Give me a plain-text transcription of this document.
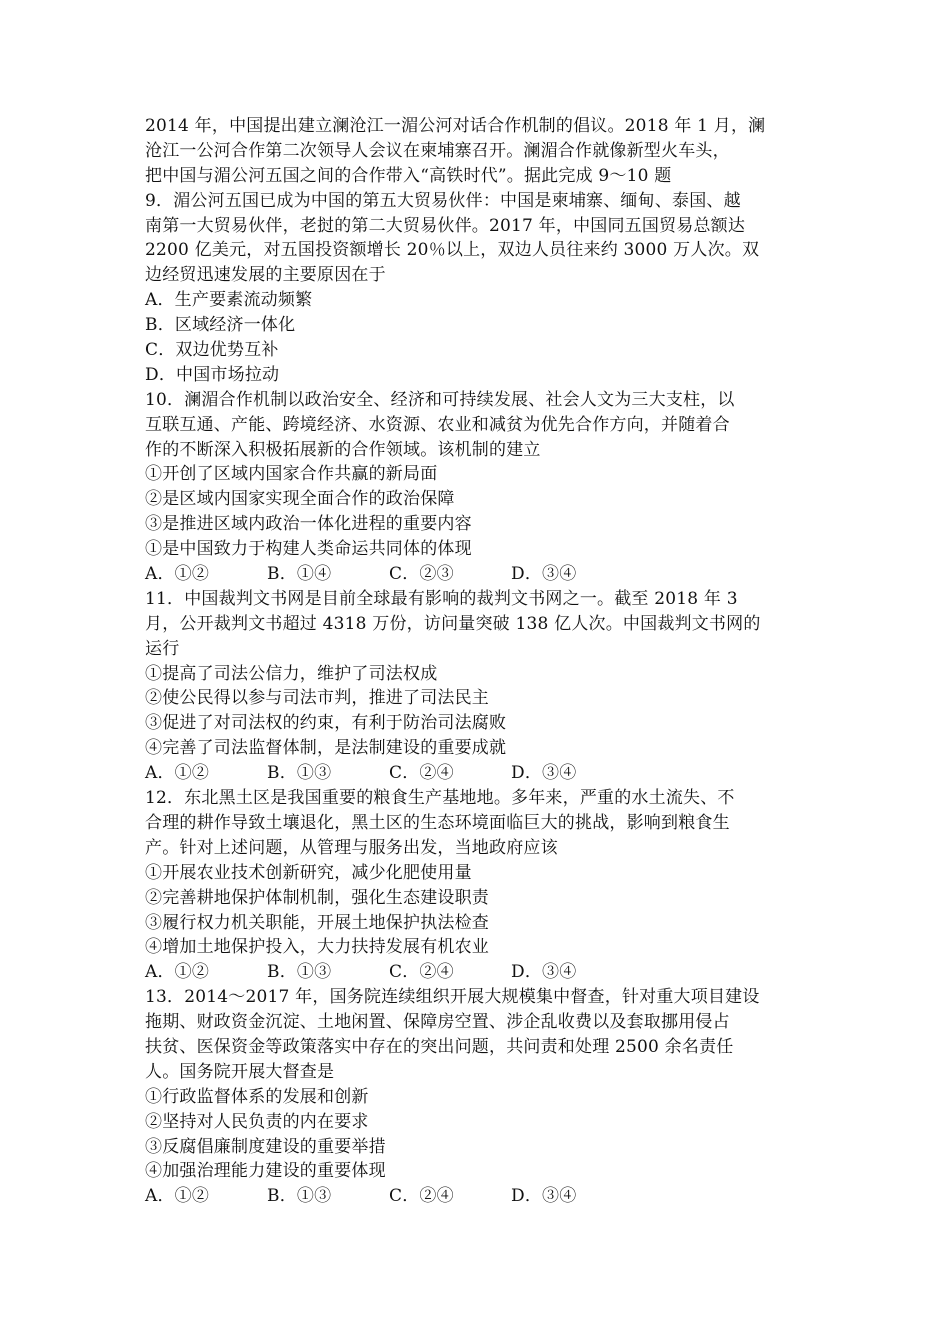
2014 年，中国提出建立澜沧江一湄公河对话合作机制的倡议。2018 年 1 月，澜
沧江一公河合作第二次领导人会议在柬埔寨召开。澜湄合作就像新型火车头，
把中国与湄公河五国之间的合作带入“高铁时代”。据此完成 9～10 题
9．湄公河五国已成为中国的第五大贸易伙伴：中国是柬埔寨、缅甸、泰国、越
南第一大贸易伙伴，老挝的第二大贸易伙伴。2017 年，中国同五国贸易总额达
2200 亿美元，对五国投资额增长 20％以上，双边人员往来约 3000 万人次。双
边经贸迅速发展的主要原因在于
A．生产要素流动频繁
B．区域经济一体化
C．双边优势互补
D．中国市场拉动
10．澜湄合作机制以政治安全、经济和可持续发展、社会人文为三大支柱，以
互联互通、产能、跨境经济、水资源、农业和减贫为优先合作方向，并随着合
作的不断深入积极拓展新的合作领域。该机制的建立
①开创了区域内国家合作共赢的新局面
②是区域内国家实现全面合作的政治保障
③是推进区域内政治一体化进程的重要内容
①是中国致力于构建人类命运共同体的体现
A．①②	B．①④	C．②③	D．③④
11．中国裁判文书网是目前全球最有影响的裁判文书网之一。截至 2018 年 3
月，公开裁判文书超过 4318 万份，访问量突破 138 亿人次。中国裁判文书网的
运行
①提高了司法公信力，维护了司法权成
②使公民得以参与司法市判，推进了司法民主
③促进了对司法权的约束，有利于防治司法腐败
④完善了司法监督体制，是法制建设的重要成就
A．①②	B．①③	C．②④	D．③④
12．东北黑土区是我国重要的粮食生产基地地。多年来，严重的水土流失、不
合理的耕作导致土壤退化，黑土区的生态环境面临巨大的挑战，影响到粮食生
产。针对上述问题，从管理与服务出发，当地政府应该
①开展农业技术创新研究，减少化肥使用量
②完善耕地保护体制机制，强化生态建设职责
③履行权力机关职能，开展土地保护执法检查
④增加土地保护投入，大力扶持发展有机农业
A．①②	B．①③	C．②④	D．③④
13．2014～2017 年，国务院连续组织开展大规模集中督查，针对重大项目建设
拖期、财政资金沉淀、土地闲置、保障房空置、涉企乱收费以及套取挪用侵占
扶贫、医保资金等政策落实中存在的突出问题，共问责和处理 2500 余名责任
人。国务院开展大督查是
①行政监督体系的发展和创新
②坚持对人民负责的内在要求
③反腐倡廉制度建设的重要举措
④加强治理能力建设的重要体现
A．①②	B．①③	C．②④	D．③④
